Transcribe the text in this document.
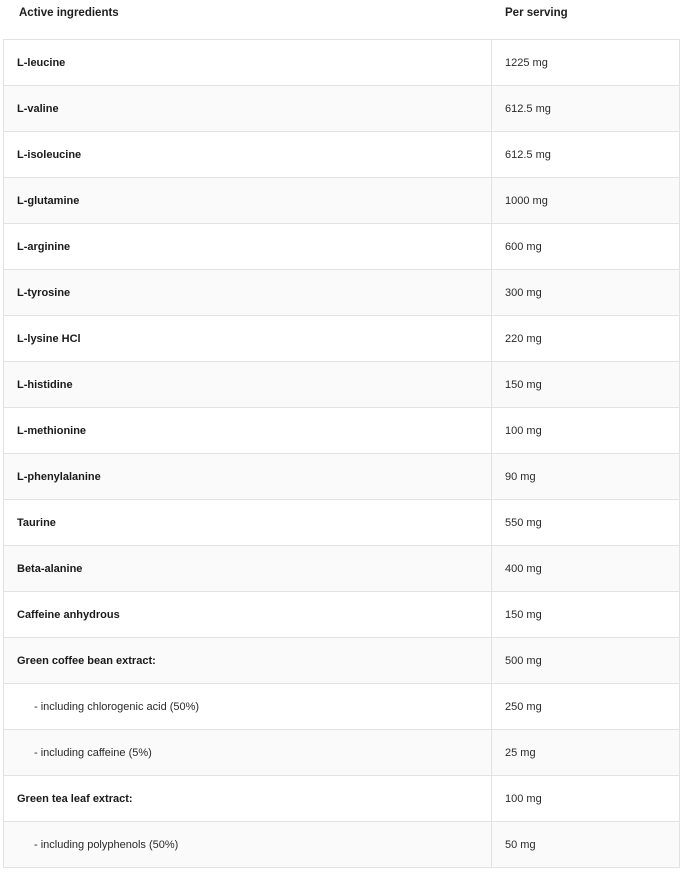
Active ingredients	Per serving
L-leucine	1225 mg
L-valine	612.5 mg
L-isoleucine	612.5 mg
L-glutamine	1000 mg
L-arginine	600 mg
L-tyrosine	300 mg
L-lysine HCl	220 mg
L-histidine	150 mg
L-methionine	100 mg
L-phenylalanine	90 mg
Taurine	550 mg
Beta-alanine	400 mg
Caffeine anhydrous	150 mg
Green coffee bean extract:	500 mg
- including chlorogenic acid (50%)	250 mg
- including caffeine (5%)	25 mg
Green tea leaf extract:	100 mg
- including polyphenols (50%)	50 mg
